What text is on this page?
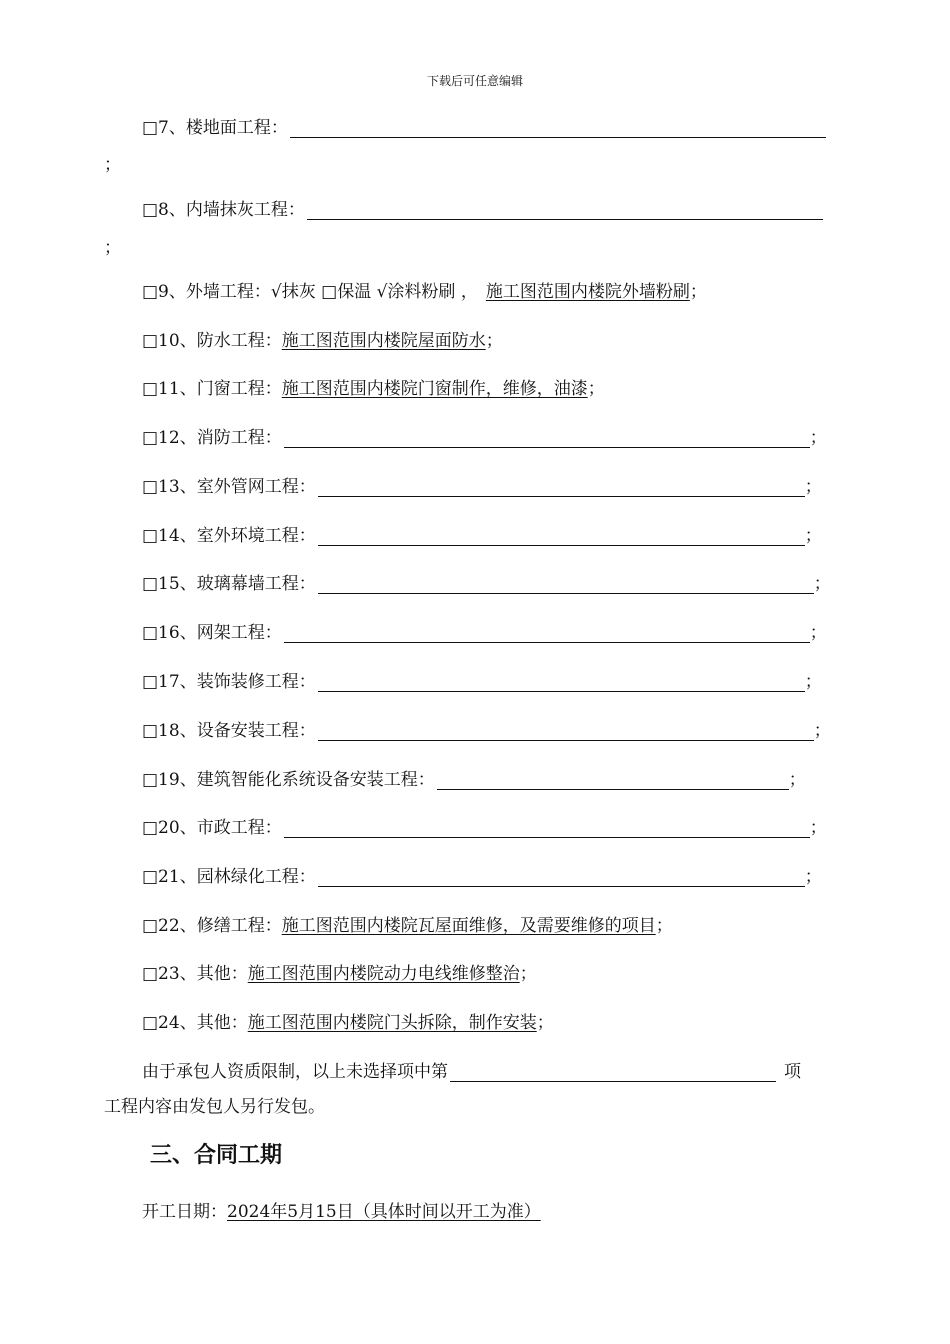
下载后可任意编辑
□7、楼地面工程：
；
□8、内墙抹灰工程：
；
□9、外墙工程： √抹灰 □保温 √涂料粉刷 ， 施工图范围内楼院外墙粉刷 ；
□10、防水工程： 施工图范围内楼院屋面防水 ；
□11、门窗工程： 施工图范围内楼院门窗制作，维修，油漆 ；
□12、消防工程：	；
□13、室外管网工程：	；
□14、室外环境工程：	；
□15、玻璃幕墙工程：	；
□16、网架工程：	；
□17、装饰装修工程：	；
□18、设备安装工程：	；
□19、建筑智能化系统设备安装工程：	；
□20、市政工程：	；
□21、园林绿化工程：	；
□22、修缮工程： 施工图范围内楼院瓦屋面维修，及需要维修的项目 ；
□23、其他： 施工图范围内楼院动力电线维修整治 ；
□24、其他： 施工图范围内楼院门头拆除，制作安装 ；
由于承包人资质限制，以上未选择项中第	项
工程内容由发包人另行发包。
三、合同工期
开工日期： 2024年5月15日（具体时间以开工为准）
